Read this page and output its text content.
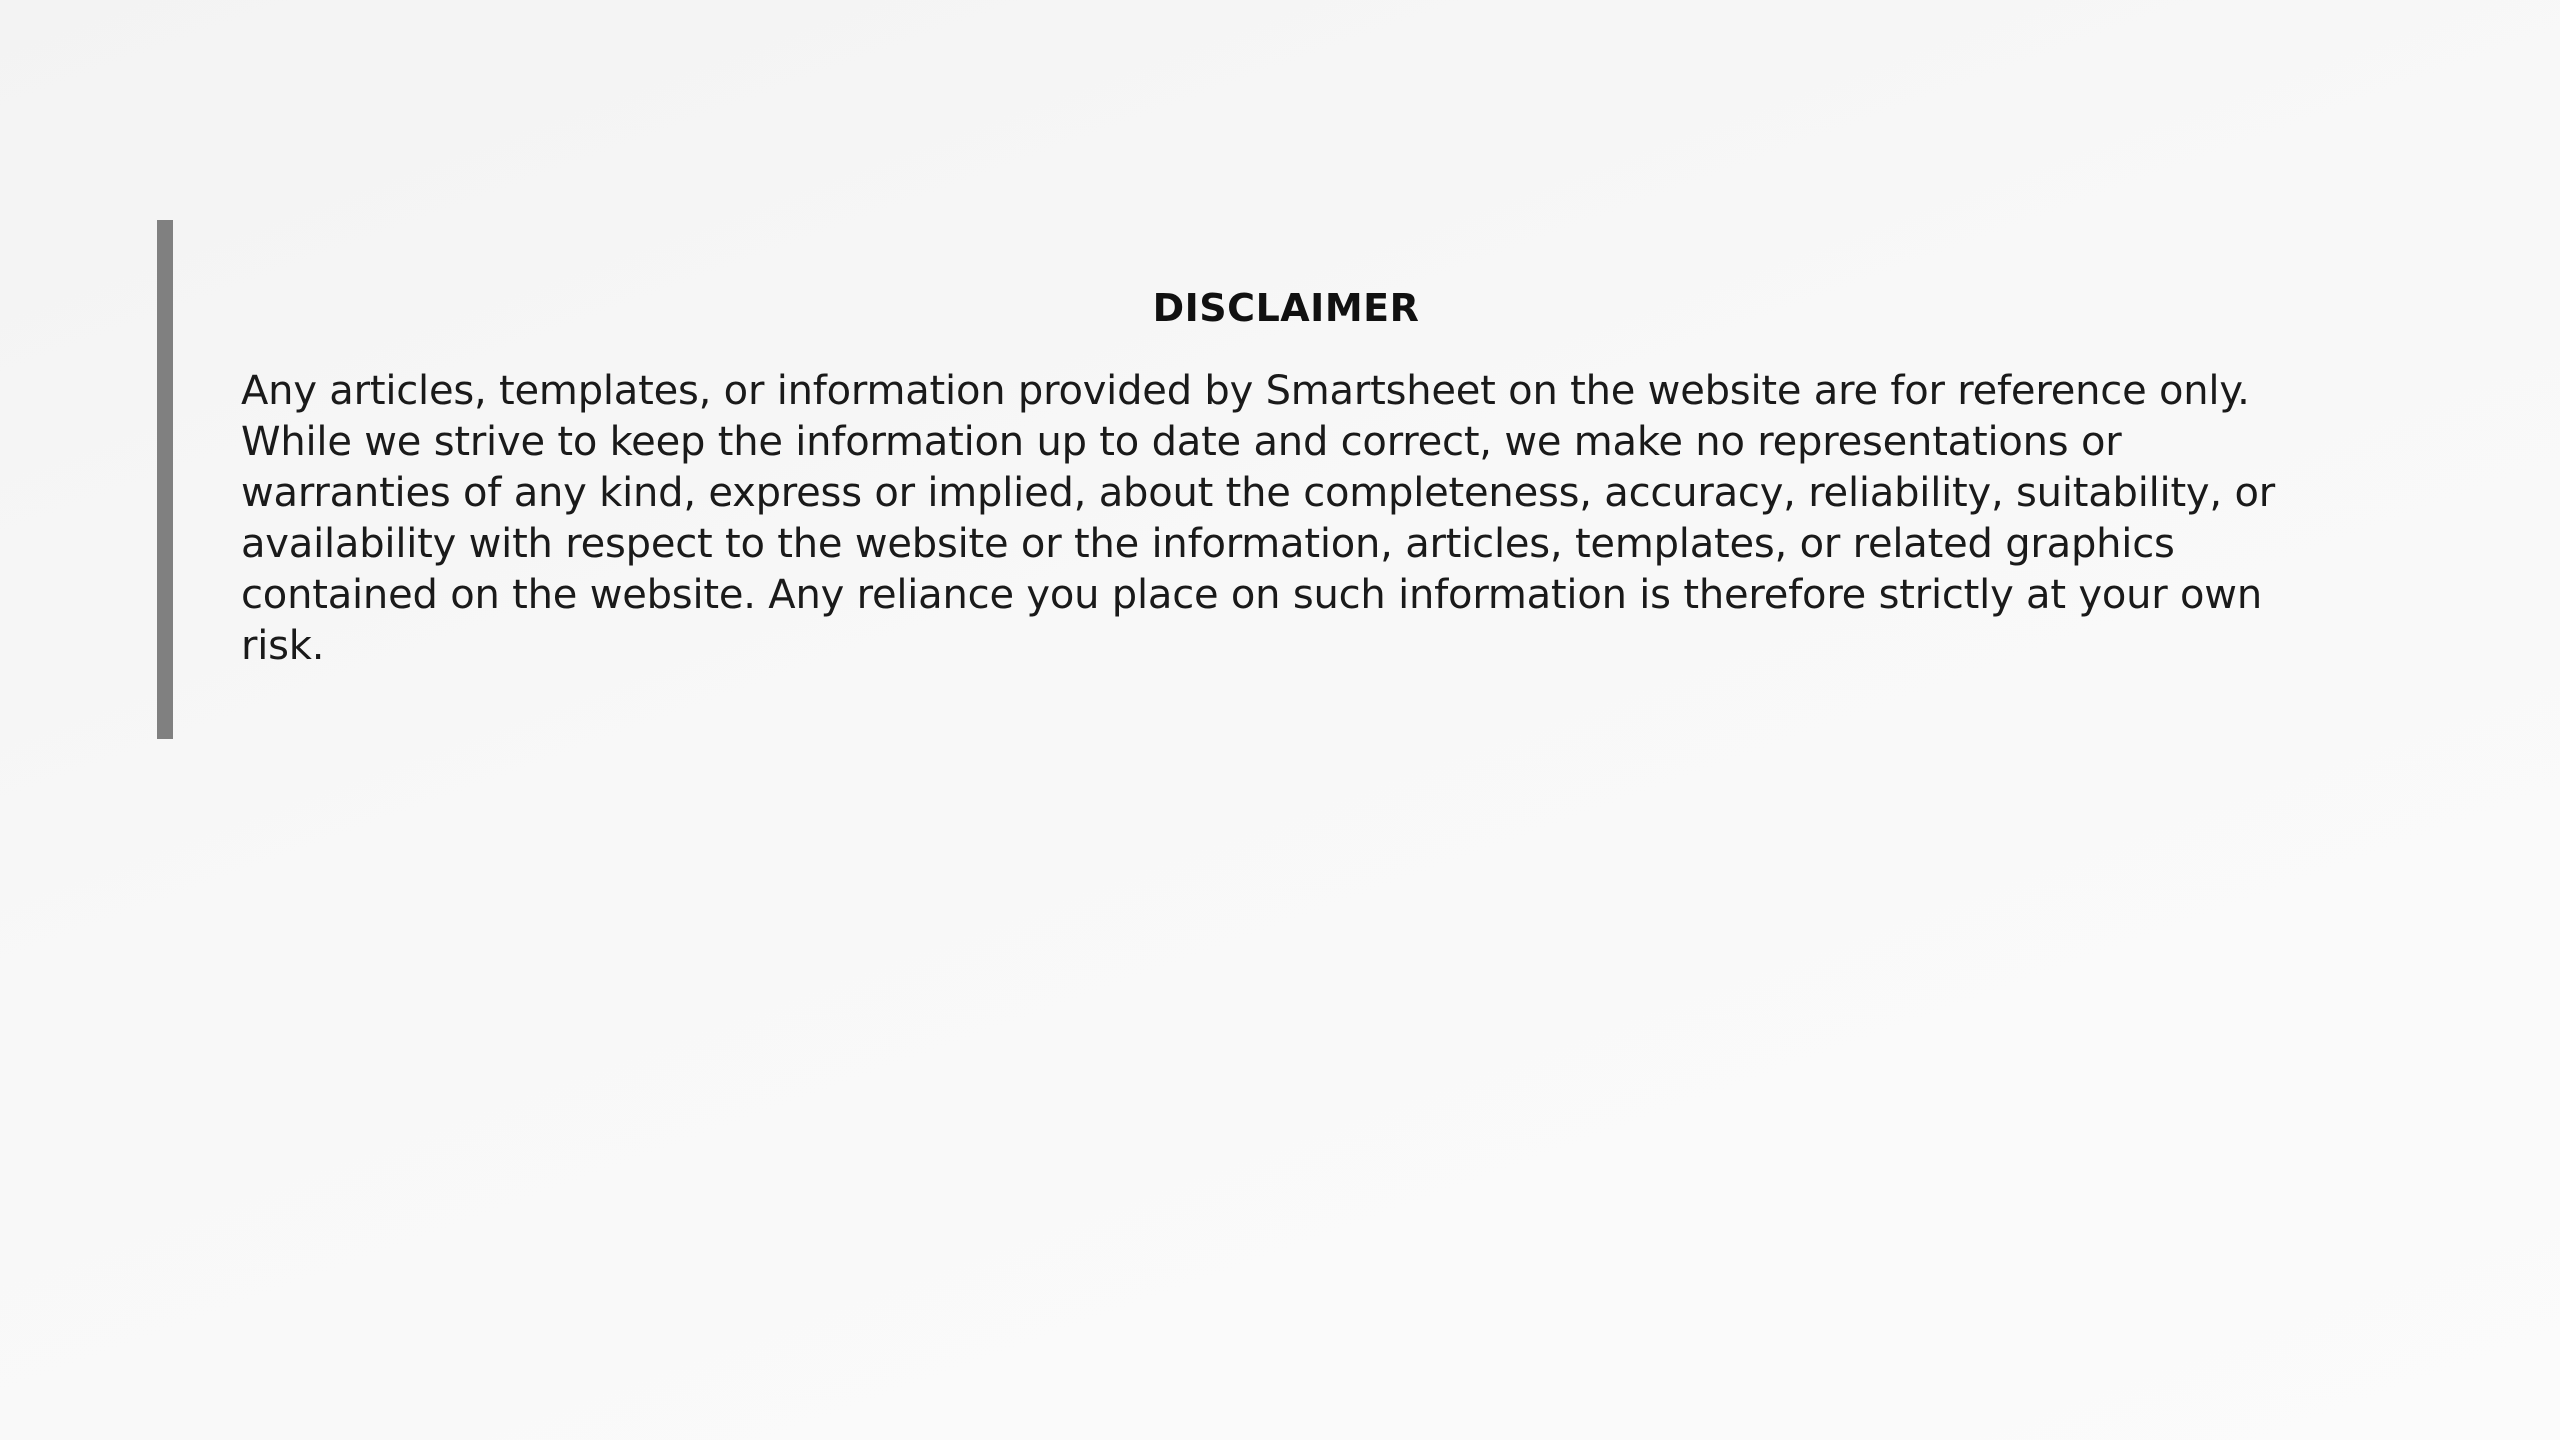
DISCLAIMER

Any articles, templates, or information provided by Smartsheet on the website are for reference only. While we strive to keep the information up to date and correct, we make no representations or warranties of any kind, express or implied, about the completeness, accuracy, reliability, suitability, or availability with respect to the website or the information, articles, templates, or related graphics contained on the website. Any reliance you place on such information is therefore strictly at your own risk.
